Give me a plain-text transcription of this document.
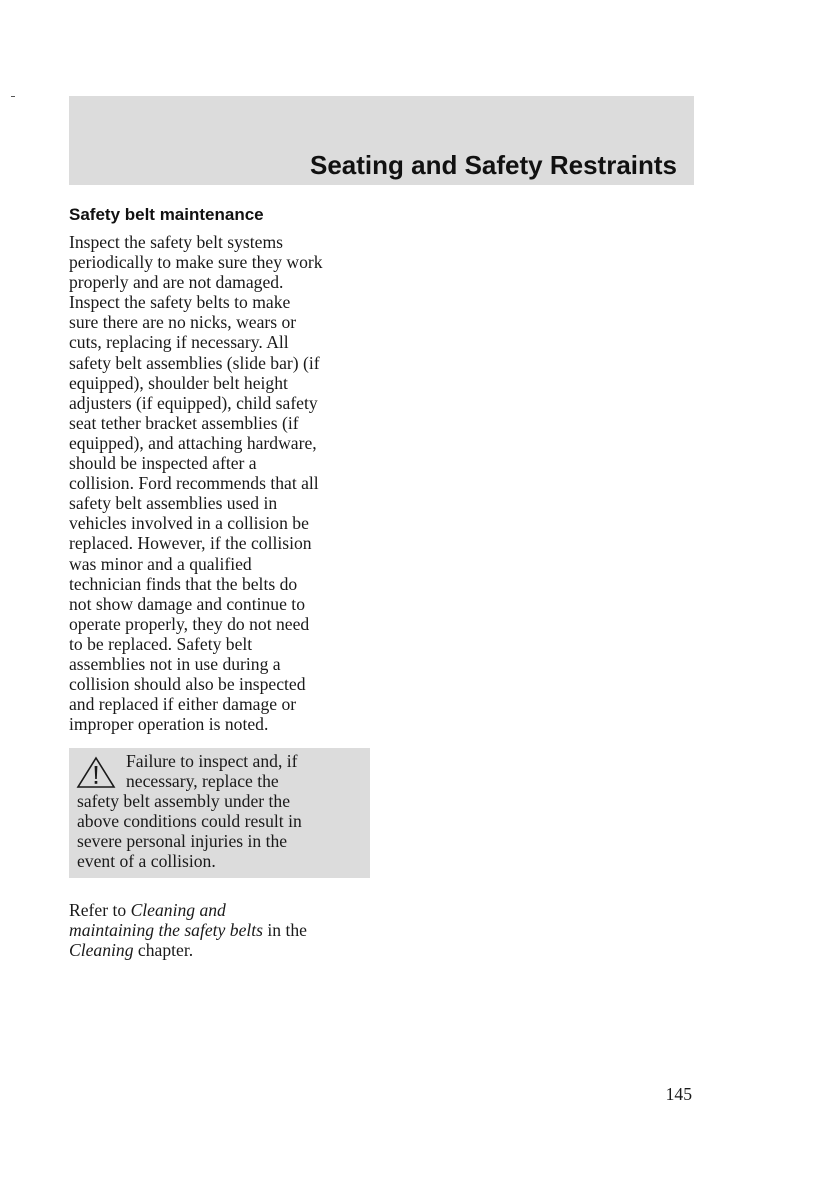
Seating and Safety Restraints
Safety belt maintenance

Inspect the safety belt systems
periodically to make sure they work
properly and are not damaged.
Inspect the safety belts to make
sure there are no nicks, wears or
cuts, replacing if necessary. All
safety belt assemblies (slide bar) (if
equipped), shoulder belt height
adjusters (if equipped), child safety
seat tether bracket assemblies (if
equipped), and attaching hardware,
should be inspected after a
collision. Ford recommends that all
safety belt assemblies used in
vehicles involved in a collision be
replaced. However, if the collision
was minor and a qualified
technician finds that the belts do
not show damage and continue to
operate properly, they do not need
to be replaced. Safety belt
assemblies not in use during a
collision should also be inspected
and replaced if either damage or
improper operation is noted.

Failure to inspect and, if
necessary, replace the
safety belt assembly under the
above conditions could result in
severe personal injuries in the
event of a collision.

Refer to Cleaning and
maintaining the safety belts in the
Cleaning chapter.

145
